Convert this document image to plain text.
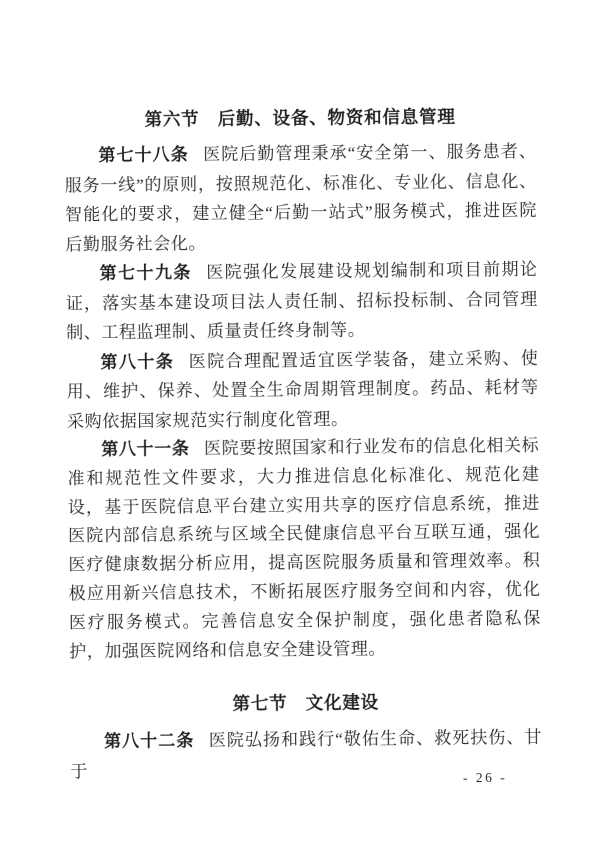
第六节　后勤、设备、物资和信息管理

第七十八条 医院后勤管理秉承“安全第一、服务患者、服务一线”的原则，按照规范化、标准化、专业化、信息化、智能化的要求，建立健全“后勤一站式”服务模式，推进医院后勤服务社会化。

第七十九条 医院强化发展建设规划编制和项目前期论证，落实基本建设项目法人责任制、招标投标制、合同管理制、工程监理制、质量责任终身制等。

第八十条 医院合理配置适宜医学装备，建立采购、使用、维护、保养、处置全生命周期管理制度。药品、耗材等采购依据国家规范实行制度化管理。

第八十一条 医院要按照国家和行业发布的信息化相关标准和规范性文件要求，大力推进信息化标准化、规范化建设，基于医院信息平台建立实用共享的医疗信息系统，推进医院内部信息系统与区域全民健康信息平台互联互通，强化医疗健康数据分析应用，提高医院服务质量和管理效率。积极应用新兴信息技术，不断拓展医疗服务空间和内容，优化医疗服务模式。完善信息安全保护制度，强化患者隐私保护，加强医院网络和信息安全建设管理。

第七节　文化建设

第八十二条 医院弘扬和践行“敬佑生命、救死扶伤、甘于	- 26 -
